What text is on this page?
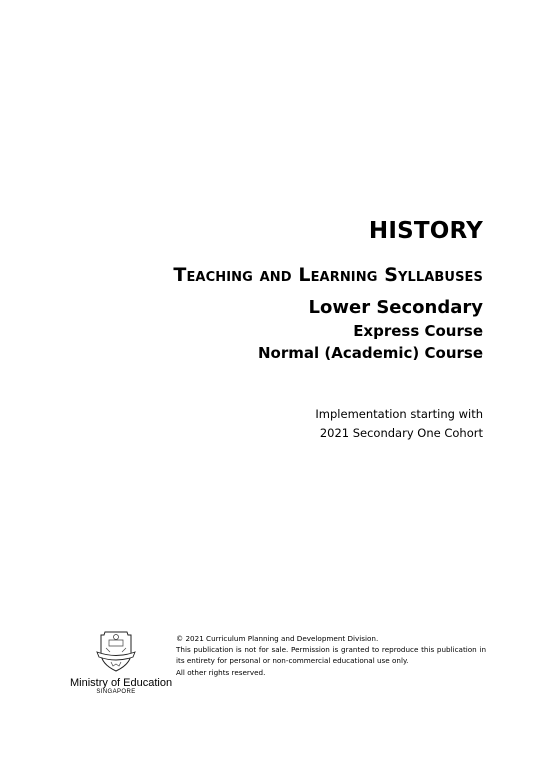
HISTORY
Teaching and Learning Syllabuses
Lower Secondary
Express Course
Normal (Academic) Course
Implementation starting with
2021 Secondary One Cohort
Ministry of Education
SINGAPORE

© 2021 Curriculum Planning and Development Division.

This publication is not for sale. Permission is granted to reproduce this publication in its entirety for personal or non-commercial educational use only.

All other rights reserved.
